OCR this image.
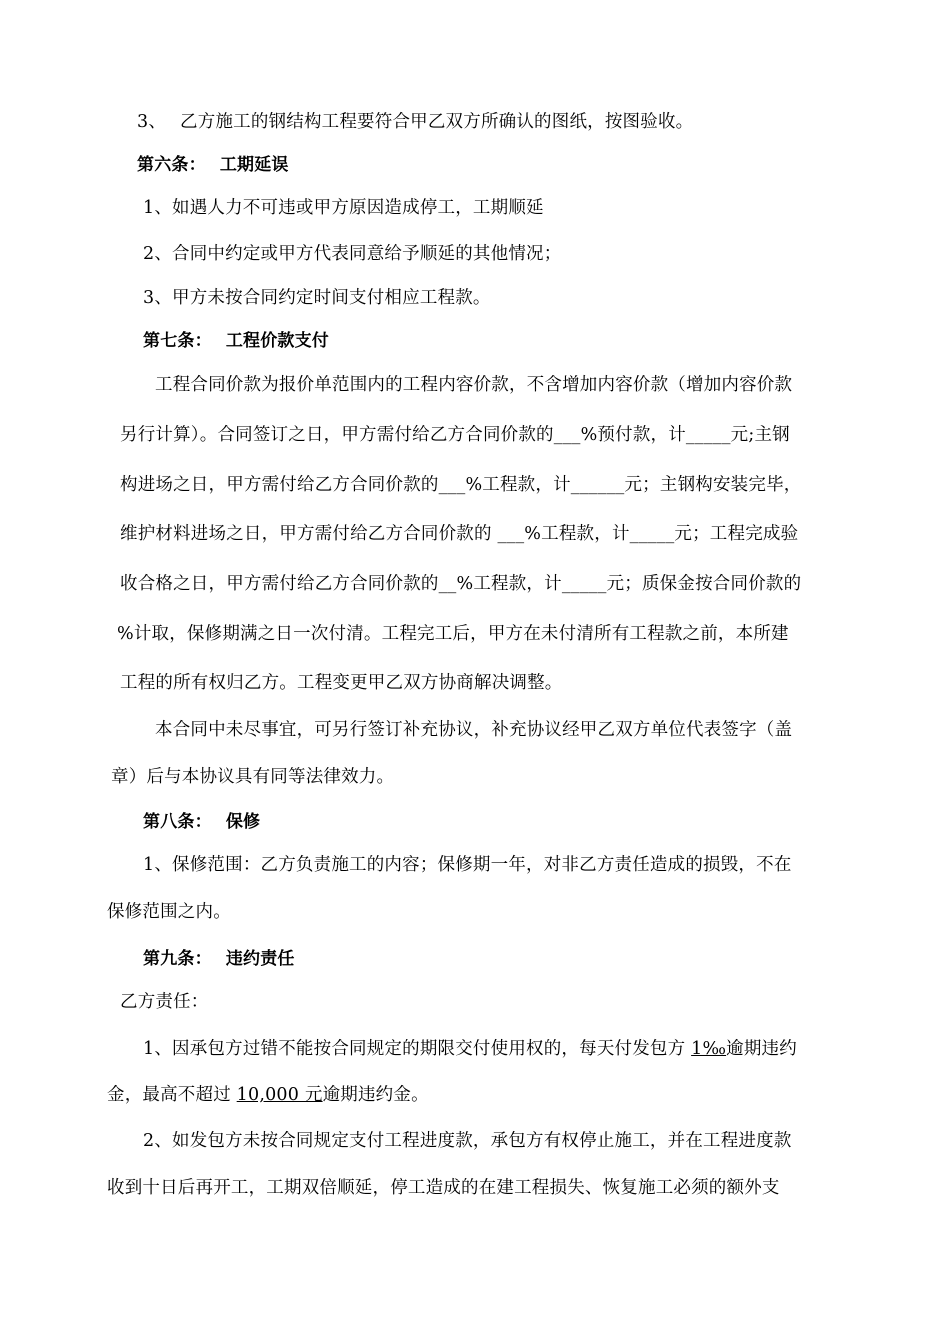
3、 乙方施工的钢结构工程要符合甲乙双方所确认的图纸，按图验收。
第六条： 工期延误
1、如遇人力不可违或甲方原因造成停工，工期顺延
2、合同中约定或甲方代表同意给予顺延的其他情况；
3、甲方未按合同约定时间支付相应工程款。
第七条： 工程价款支付
工程合同价款为报价单范围内的工程内容价款，不含增加内容价款（增加内容价款
另行计算）。合同签订之日，甲方需付给乙方合同价款的___%预付款，计_____元;主钢
构进场之日，甲方需付给乙方合同价款的___%工程款，计______元；主钢构安装完毕，
维护材料进场之日，甲方需付给乙方合同价款的 ___%工程款，计_____元；工程完成验
收合格之日，甲方需付给乙方合同价款的__%工程款，计_____元；质保金按合同价款的
%计取，保修期满之日一次付清。工程完工后，甲方在未付清所有工程款之前，本所建
工程的所有权归乙方。工程变更甲乙双方协商解决调整。
本合同中未尽事宜，可另行签订补充协议，补充协议经甲乙双方单位代表签字（盖
章）后与本协议具有同等法律效力。
第八条： 保修
1、保修范围：乙方负责施工的内容；保修期一年，对非乙方责任造成的损毁，不在
保修范围之内。
第九条： 违约责任
乙方责任：
1、因承包方过错不能按合同规定的期限交付使用权的，每天付发包方 1‰逾期违约
金，最高不超过 10,000 元逾期违约金。
2、如发包方未按合同规定支付工程进度款，承包方有权停止施工，并在工程进度款
收到十日后再开工，工期双倍顺延，停工造成的在建工程损失、恢复施工必须的额外支
